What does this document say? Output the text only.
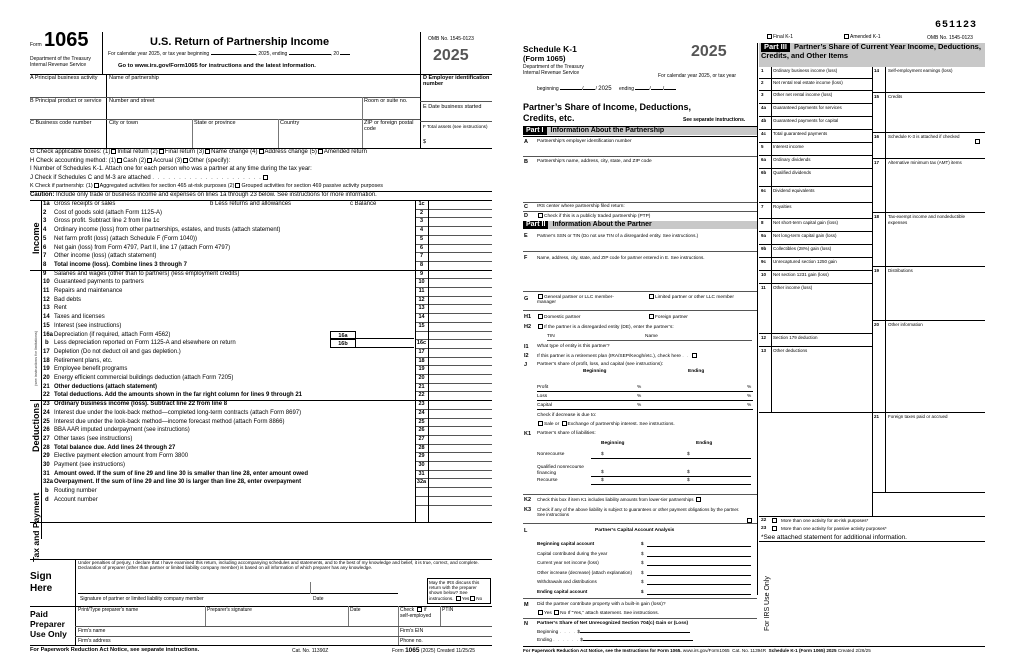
Form 1065
Department of the Treasury
Internal Revenue Service
U.S. Return of Partnership Income
For calendar year 2025, or tax year beginning	, 2025, ending	, 20
Go to www.irs.gov/Form1065 for instructions and the latest information.
OMB No. 1545-0123
2025
A Principal business activity Name of partnership	D Employer identification number
B Principal product or service Number and street	Room or suite no.
E Date business started
C Business code number	City or town	State or province	Country	ZIP or foreign postal code	F Total assets (see instructions)
$
G Check applicable boxes: (1) Initial return (2) Final return (3) Name change (4) Address change (5) Amended return
H Check accounting method: (1) Cash (2) Accrual (3) Other (specify):
I Number of Schedules K-1. Attach one for each person who was a partner at any time during the tax year:
J Check if Schedules C and M-3 are attached . . . . . . . . . . . . . . . . . . . . .
K Check if partnership: (1) Aggregated activities for section 465 at-risk purposes (2) Grouped activities for section 469 passive activity purposes
Caution: Include only trade or business income and expenses on lines 1a through 23 below. See instructions for more information.
1a Gross receipts or sales	b Less returns and allowances	c Balance	1c
2	Cost of goods sold (attach Form 1125-A)	2
3	Gross profit. Subtract line 2 from line 1c	3
4	Ordinary income (loss) from other partnerships, estates, and trusts (attach statement)	4
5	Net farm profit (loss) (attach Schedule F (Form 1040))	5
6	Net gain (loss) from Form 4797, Part II, line 17 (attach Form 4797)	6
7	Other income (loss) (attach statement)	7
8	Total income (loss). Combine lines 3 through 7	8
9	Salaries and wages (other than to partners) (less employment credits)	9
10 Guaranteed payments to partners	10
11 Repairs and maintenance	11
12 Bad debts	12
13 Rent	13
14 Taxes and licenses	14
15 Interest (see instructions)	15
16a Depreciation (if required, attach Form 4562)	16a
b Less depreciation reported on Form 1125-A and elsewhere on return	16b	16c
17 Depletion (Do not deduct oil and gas depletion.)	17
18 Retirement plans, etc.	18
19 Employee benefit programs	19
20 Energy efficient commercial buildings deduction (attach Form 7205)	20
21 Other deductions (attach statement)	21
22 Total deductions. Add the amounts shown in the far right column for lines 9 through 21	22
23 Ordinary business income (loss). Subtract line 22 from line 8	23
24 Interest due under the look-back method—completed long-term contracts (attach Form 8697)	24
25 Interest due under the look-back method—income forecast method (attach Form 8866)	25
26 BBA AAR imputed underpayment (see instructions)	26
27 Other taxes (see instructions)	27
28 Total balance due. Add lines 24 through 27	28
29 Elective payment election amount from Form 3800	29
30 Payment (see instructions)	30
31 Amount owed. If the sum of line 29 and line 30 is smaller than line 28, enter amount owed	31
32a Overpayment. If the sum of line 29 and line 30 is larger than line 28, enter overpayment	32a
b Routing number
d Account number
Income
Deductions
(see instructions for limitations)
Tax and Payment
Sign
Here
Under penalties of perjury, I declare that I have examined this return, including accompanying schedules and statements, and to the best of my knowledge and belief, it is true, correct, and complete. Declaration of preparer (other than partner or limited liability company member) is based on all information of which preparer has any knowledge.
Signature of partner or limited liability company member	Date
May the IRS discuss this return with the preparer shown below? See instructions. Yes No
Paid
Preparer
Use Only
Print/Type preparer's name	Preparer's signature	Date	Check if
self-employed
PTIN
Firm's name	Firm's EIN
Firm's address	Phone no.
For Paperwork Reduction Act Notice, see separate instructions.	Cat. No. 11390Z	Form 1065 (2025) Created 11/25/25
651123
Final K-1	Amended K-1	OMB No. 1545-0123
Schedule K-1
(Form 1065)	2025
Department of the Treasury
Internal Revenue Service	For calendar year 2025, or tax year
beginning	/ / 2025 ending	/ /
Partner’s Share of Income, Deductions, Credits, etc.	See separate instructions.
Part I Information About the Partnership
A Partnership’s employer identification number
B Partnership’s name, address, city, state, and ZIP code
C IRS center where partnership filed return:
D	Check if this is a publicly traded partnership (PTP)
Part II Information About the Partner
E Partner’s SSN or TIN (Do not use TIN of a disregarded entity. See instructions.)
F Name, address, city, state, and ZIP code for partner entered in E. See instructions.
G	General partner or LLC member-manager
Limited partner or other LLC member
H1	Domestic partner	Foreign partner
H2	If the partner is a disregarded entity (DE), enter the partner’s:
TIN	Name
I1 What type of entity is this partner?
I2 If this partner is a retirement plan (IRA/SEP/Keogh/etc.), check here . .
J Partner’s share of profit, loss, and capital (see instructions):
Beginning	Ending
Profit	%	%
Loss	%	%
Capital	%	%
Check if decrease is due to:
Sale or Exchange of partnership interest. See instructions.
K1 Partner’s share of liabilities:
Beginning	Ending
Nonrecourse	$	$
Qualified nonrecourse financing	$	$
Recourse	$	$
K2 Check this box if item K1 includes liability amounts from lower-tier partnerships
K3 Check if any of the above liability is subject to guarantees or other payment obligations by the partner. See instructions
L	Partner’s Capital Account Analysis
Beginning capital account	$
Capital contributed during the year	$
Current year net income (loss)	$
Other increase (decrease) (attach explanation) $
Withdrawals and distributions	$
Ending capital account	$
M Did the partner contribute property with a built-in gain (loss)?
Yes No If “Yes,” attach statement. See instructions.
N Partner’s Share of Net Unrecognized Section 704(c) Gain or (Loss)
Beginning . . . . $
Ending . . . . . . $
Part III Partner’s Share of Current Year Income, Deductions, Credits, and Other Items
1 Ordinary business income (loss)
2 Net rental real estate income (loss)
3 Other net rental income (loss)
4a Guaranteed payments for services
4b Guaranteed payments for capital
4c Total guaranteed payments
5 Interest income
6a Ordinary dividends
6b Qualified dividends
6c Dividend equivalents
7 Royalties
8 Net short-term capital gain (loss)
9a Net long-term capital gain (loss)
9b Collectibles (28%) gain (loss)
9c Unrecaptured section 1250 gain
10 Net section 1231 gain (loss)
11 Other income (loss)
12 Section 179 deduction
13 Other deductions
14 Self-employment earnings (loss)
15 Credits
16 Schedule K-3 is attached if checked
17 Alternative minimum tax (AMT) items
18 Tax-exempt income and nondeductible expenses
19 Distributions
20 Other information
21 Foreign taxes paid or accrued
22	More than one activity for at-risk purposes*
23	More than one activity for passive activity purposes*
*See attached statement for additional information.
For IRS Use Only
For Paperwork Reduction Act Notice, see the Instructions for Form 1065. www.irs.gov/Form1065 Cat. No. 11394R Schedule K-1 (Form 1065) 2025 Created 2/26/25
